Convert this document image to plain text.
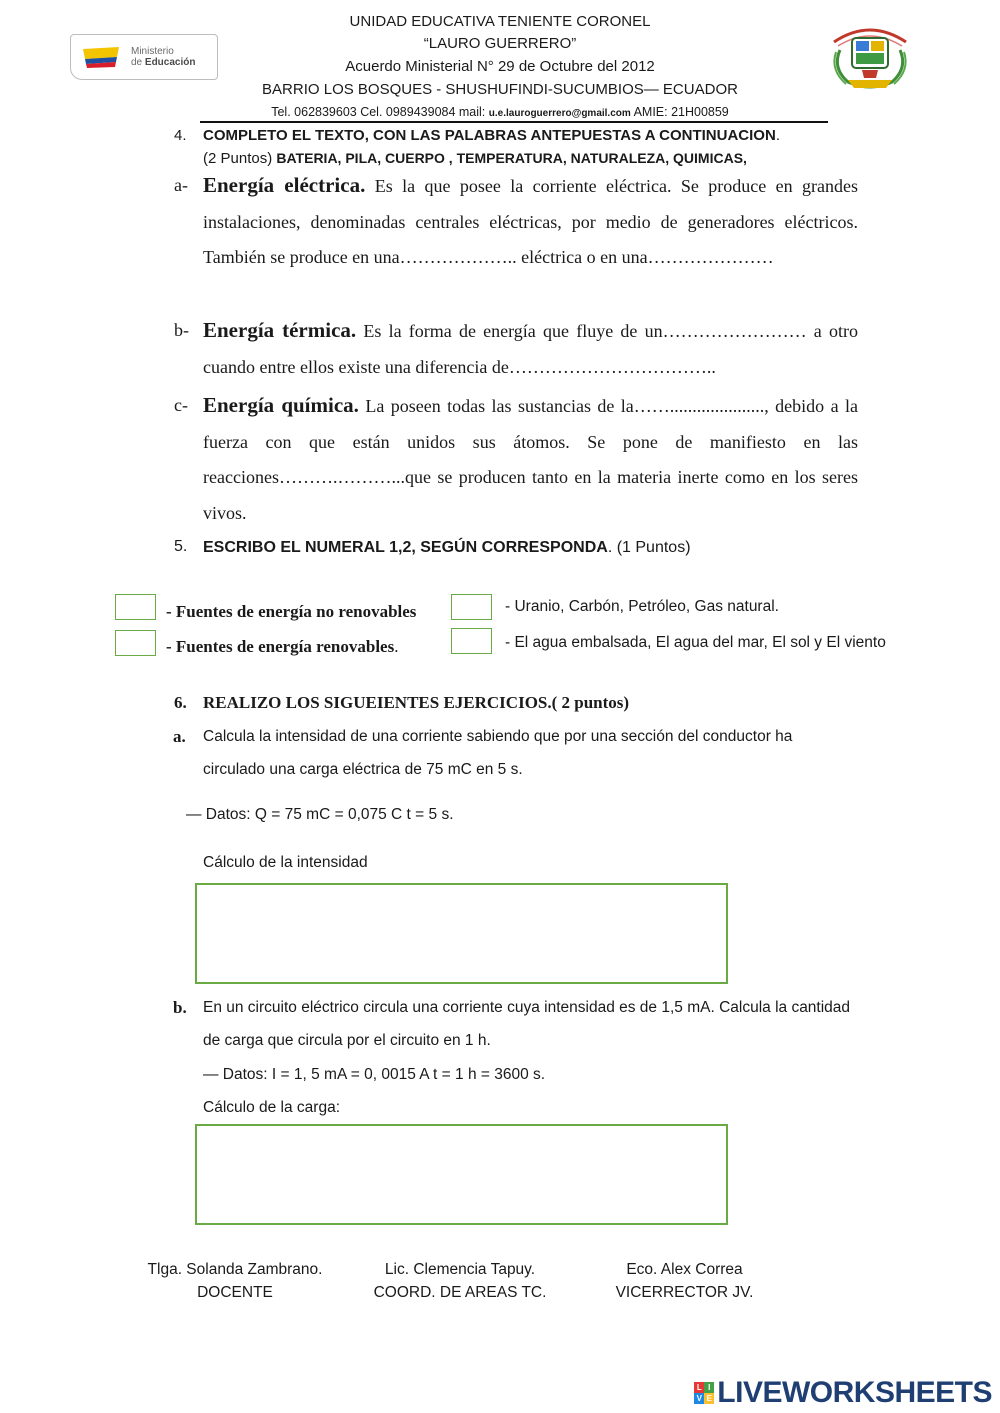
Ministerio
de Educación
UNIDAD EDUCATIVA TENIENTE CORONEL
“LAURO GUERRERO”
Acuerdo Ministerial N° 29 de Octubre del 2012
BARRIO LOS BOSQUES - SHUSHUFINDI-SUCUMBIOS— ECUADOR
Tel. 062839603 Cel. 0989439084 mail: u.e.lauroguerrero@gmail.com AMIE: 21H00859
4. COMPLETO EL TEXTO, CON LAS PALABRAS ANTEPUESTAS A CONTINUACION.
(2 Puntos) BATERIA, PILA, CUERPO , TEMPERATURA, NATURALEZA, QUIMICAS,
a- Energía eléctrica. Es la que posee la corriente eléctrica. Se produce en grandes instalaciones, denominadas centrales eléctricas, por medio de generadores eléctricos. También se produce en una……………….. eléctrica o en una…………………
b- Energía térmica. Es la forma de energía que fluye de un…………………… a otro cuando entre ellos existe una diferencia de……………………………..
c- Energía química. La poseen todas las sustancias de la……....................., debido a la fuerza con que están unidos sus átomos. Se pone de manifiesto en las reacciones……….………...que se producen tanto en la materia inerte como en los seres vivos.
5. ESCRIBO EL NUMERAL 1,2, SEGÚN CORRESPONDA. (1 Puntos)
- Fuentes de energía no renovables
- Fuentes de energía renovables.
- Uranio, Carbón, Petróleo, Gas natural.
- El agua embalsada, El agua del mar, El sol y El viento
6. REALIZO LOS SIGUEIENTES EJERCICIOS.( 2 puntos)
a. Calcula la intensidad de una corriente sabiendo que por una sección del conductor ha circulado una carga eléctrica de 75 mC en 5 s.
— Datos: Q = 75 mC = 0,075 C t = 5 s.
Cálculo de la intensidad
b. En un circuito eléctrico circula una corriente cuya intensidad es de 1,5 mA. Calcula la cantidad de carga que circula por el circuito en 1 h.
— Datos: I = 1, 5 mA = 0, 0015 A t = 1 h = 3600 s.
Cálculo de la carga:
Tlga. Solanda Zambrano.
DOCENTE
Lic. Clemencia Tapuy.
COORD. DE AREAS TC.
Eco. Alex Correa
VICERRECTOR JV.
L I
V E LIVEWORKSHEETS
